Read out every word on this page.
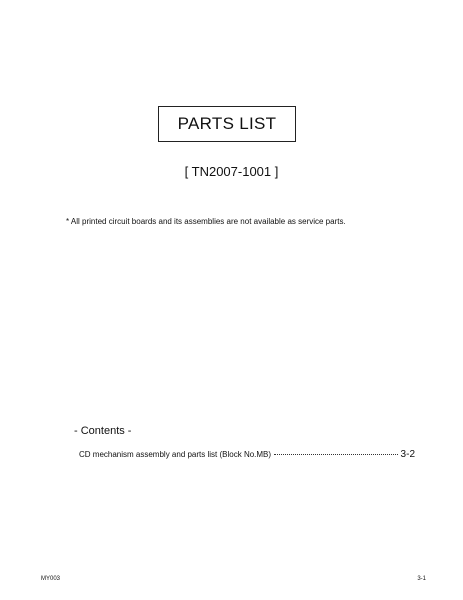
PARTS LIST
[ TN2007-1001 ]
* All printed circuit boards and its assemblies are not available as service parts.
- Contents -
CD mechanism assembly and parts list (Block No.MB)	3-2
MY003	3-1
